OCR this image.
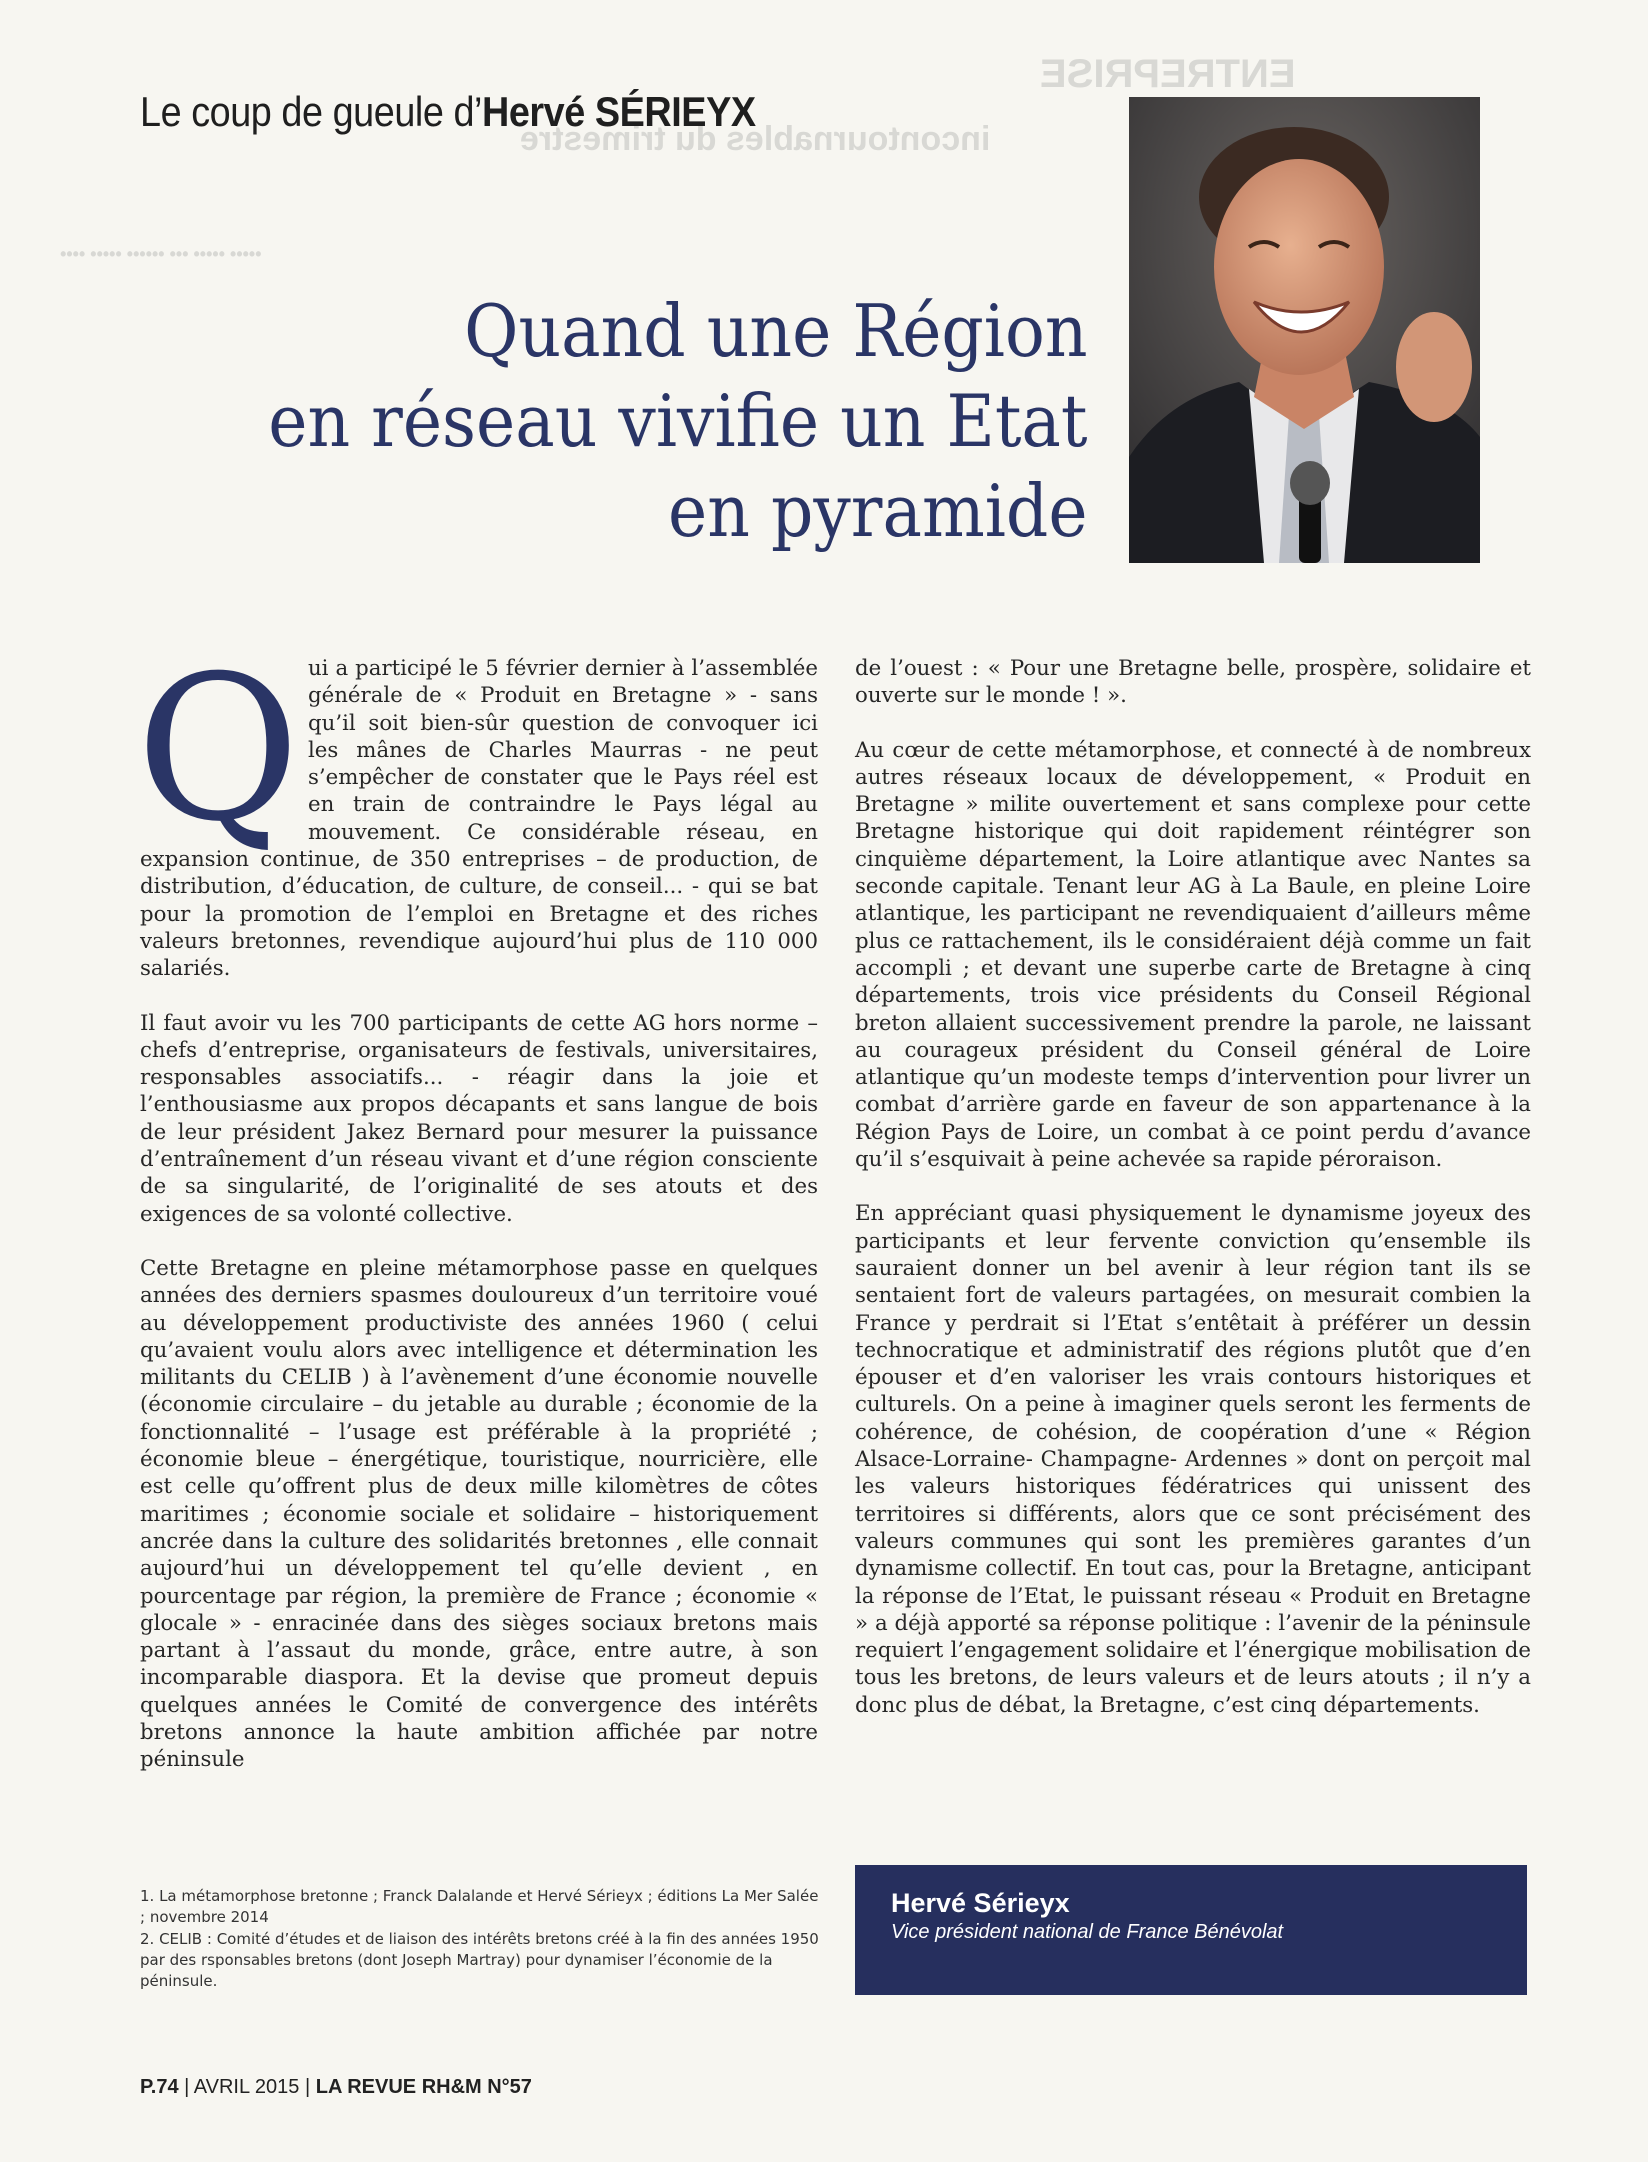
ENTREPRISE
incontournables du trimestre
••••• ••••• ••• •••••• ••••• ••••
Le coup de gueule d’Hervé SÉRIEYX
Quand une Région
en réseau vivifie un Etat
en pyramide
Q ui a participé le 5 février dernier à l’assemblée générale de « Produit en Bretagne » - sans qu’il soit bien-sûr question de convoquer ici les mânes de Charles Maurras - ne peut s’empêcher de constater que le Pays réel est en train de contraindre le Pays légal au mouvement. Ce considérable réseau, en expansion continue, de 350 entreprises – de production, de distribution, d’éducation, de culture, de conseil... - qui se bat pour la promotion de l’emploi en Bretagne et des riches valeurs bretonnes, revendique aujourd’hui plus de 110 000 salariés.

Il faut avoir vu les 700 participants de cette AG hors norme – chefs d’entreprise, organisateurs de festivals, universitaires, responsables associatifs... - réagir dans la joie et l’enthousiasme aux propos décapants et sans langue de bois de leur président Jakez Bernard pour mesurer la puissance d’entraînement d’un réseau vivant et d’une région consciente de sa singularité, de l’originalité de ses atouts et des exigences de sa volonté collective.

Cette Bretagne en pleine métamorphose passe en quelques années des derniers spasmes douloureux d’un territoire voué au développement productiviste des années 1960 ( celui qu’avaient voulu alors avec intelligence et détermination les militants du CELIB ) à l’avènement d’une économie nouvelle (économie circulaire – du jetable au durable ; économie de la fonctionnalité – l’usage est préférable à la propriété ; économie bleue – énergétique, touristique, nourricière, elle est celle qu’offrent plus de deux mille kilomètres de côtes maritimes ; économie sociale et solidaire – historiquement ancrée dans la culture des solidarités bretonnes , elle connait aujourd’hui un développement tel qu’elle devient , en pourcentage par région, la première de France ; économie « glocale » - enracinée dans des sièges sociaux bretons mais partant à l’assaut du monde, grâce, entre autre, à son incomparable diaspora. Et la devise que promeut depuis quelques années le Comité de convergence des intérêts bretons annonce la haute ambition affichée par notre péninsule

de l’ouest : « Pour une Bretagne belle, prospère, solidaire et ouverte sur le monde ! ».

Au cœur de cette métamorphose, et connecté à de nombreux autres réseaux locaux de développement, « Produit en Bretagne » milite ouvertement et sans complexe pour cette Bretagne historique qui doit rapidement réintégrer son cinquième département, la Loire atlantique avec Nantes sa seconde capitale. Tenant leur AG à La Baule, en pleine Loire atlantique, les participant ne revendiquaient d’ailleurs même plus ce rattachement, ils le considéraient déjà comme un fait accompli ; et devant une superbe carte de Bretagne à cinq départements, trois vice présidents du Conseil Régional breton allaient successivement prendre la parole, ne laissant au courageux président du Conseil général de Loire atlantique qu’un modeste temps d’intervention pour livrer un combat d’arrière garde en faveur de son appartenance à la Région Pays de Loire, un combat à ce point perdu d’avance qu’il s’esquivait à peine achevée sa rapide péroraison.

En appréciant quasi physiquement le dynamisme joyeux des participants et leur fervente conviction qu’ensemble ils sauraient donner un bel avenir à leur région tant ils se sentaient fort de valeurs partagées, on mesurait combien la France y perdrait si l’Etat s’entêtait à préférer un dessin technocratique et administratif des régions plutôt que d’en épouser et d’en valoriser les vrais contours historiques et culturels. On a peine à imaginer quels seront les ferments de cohérence, de cohésion, de coopération d’une « Région Alsace-Lorraine- Champagne- Ardennes » dont on perçoit mal les valeurs historiques fédératrices qui unissent des territoires si différents, alors que ce sont précisément des valeurs communes qui sont les premières garantes d’un dynamisme collectif. En tout cas, pour la Bretagne, anticipant la réponse de l’Etat, le puissant réseau « Produit en Bretagne » a déjà apporté sa réponse politique : l’avenir de la péninsule requiert l’engagement solidaire et l’énergique mobilisation de tous les bretons, de leurs valeurs et de leurs atouts ; il n’y a donc plus de débat, la Bretagne, c’est cinq départements.

1. La métamorphose bretonne ; Franck Dalalande et Hervé Sérieyx ; éditions La Mer Salée ; novembre 2014
2. CELIB : Comité d’études et de liaison des intérêts bretons créé à la fin des années 1950 par des rsponsables bretons (dont Joseph Martray) pour dynamiser l’économie de la péninsule.
Hervé Sérieyx
Vice président national de France Bénévolat
P.74 | AVRIL 2015 | LA REVUE RH&M N°57
